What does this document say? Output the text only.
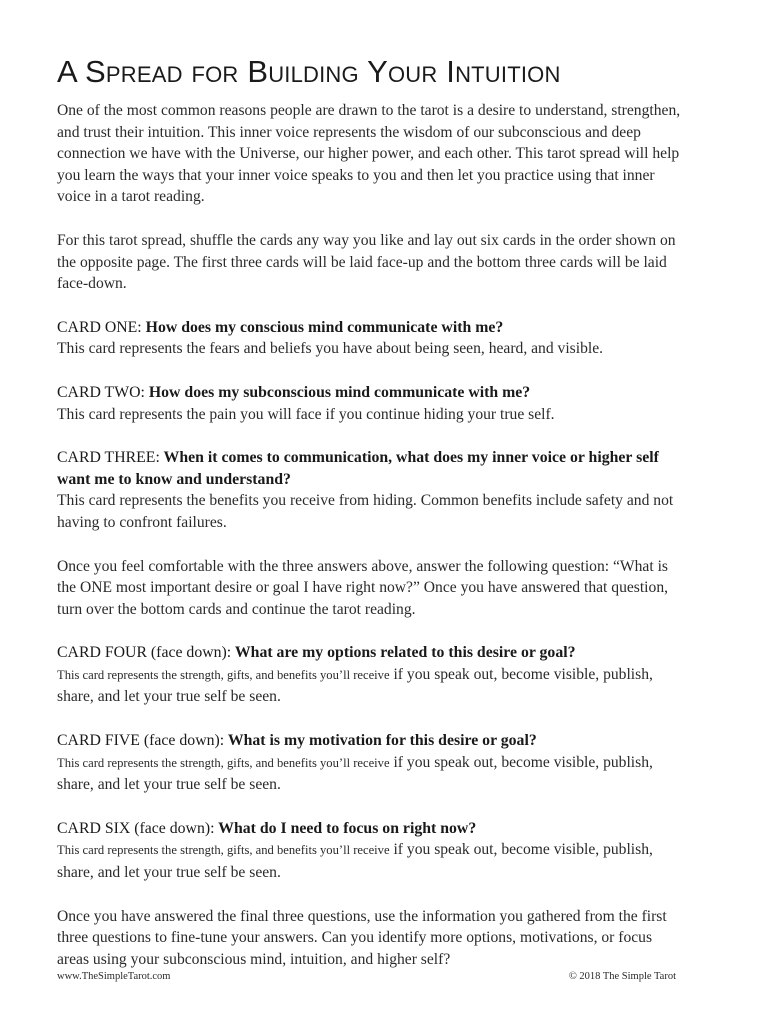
A Spread for Building Your Intuition

One of the most common reasons people are drawn to the tarot is a desire to understand, strengthen, and trust their intuition. This inner voice represents the wisdom of our subconscious and deep connection we have with the Universe, our higher power, and each other. This tarot spread will help you learn the ways that your inner voice speaks to you and then let you practice using that inner voice in a tarot reading.

For this tarot spread, shuffle the cards any way you like and lay out six cards in the order shown on the opposite page. The first three cards will be laid face-up and the bottom three cards will be laid face-down.

CARD ONE: How does my conscious mind communicate with me?

This card represents the fears and beliefs you have about being seen, heard, and visible.

CARD TWO: How does my subconscious mind communicate with me?

This card represents the pain you will face if you continue hiding your true self.

CARD THREE: When it comes to communication, what does my inner voice or higher self want me to know and understand?

This card represents the benefits you receive from hiding. Common benefits include safety and not having to confront failures.

Once you feel comfortable with the three answers above, answer the following question: “What is the ONE most important desire or goal I have right now?” Once you have answered that question, turn over the bottom cards and continue the tarot reading.

CARD FOUR (face down): What are my options related to this desire or goal?

This card represents the strength, gifts, and benefits you’ll receive if you speak out, become visible, publish, share, and let your true self be seen.

CARD FIVE (face down): What is my motivation for this desire or goal?

This card represents the strength, gifts, and benefits you’ll receive if you speak out, become visible, publish, share, and let your true self be seen.

CARD SIX (face down): What do I need to focus on right now?

This card represents the strength, gifts, and benefits you’ll receive if you speak out, become visible, publish, share, and let your true self be seen.

Once you have answered the final three questions, use the information you gathered from the first three questions to fine-tune your answers. Can you identify more options, motivations, or focus areas using your subconscious mind, intuition, and higher self?

www.TheSimpleTarot.com	© 2018 The Simple Tarot
